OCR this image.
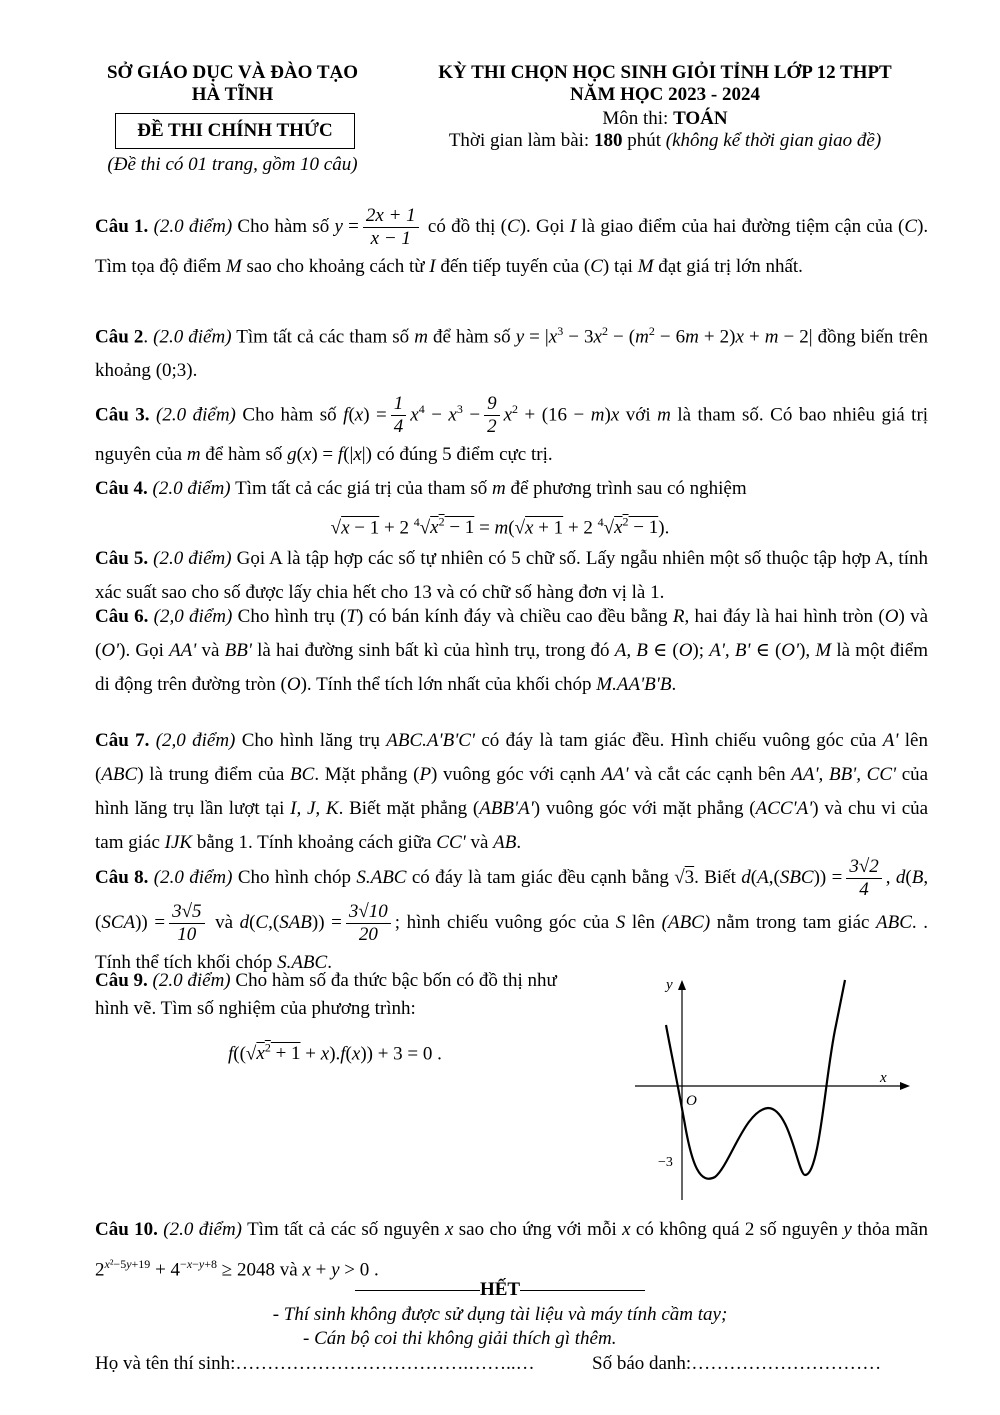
SỞ GIÁO DỤC VÀ ĐÀO TẠO
HÀ TĨNH
ĐỀ THI CHÍNH THỨC
(Đề thi có 01 trang, gồm 10 câu)
KỲ THI CHỌN HỌC SINH GIỎI TỈNH LỚP 12 THPT
NĂM HỌC 2023 - 2024
Môn thi: TOÁN
Thời gian làm bài: 180 phút (không kể thời gian giao đề)
Câu 1. (2.0 điểm) Cho hàm số $y = \frac{2x + 1}{x - 1}$ có đồ thị (C). Gọi I là giao điểm của hai đường tiệm cận của (C). Tìm tọa độ điểm M sao cho khoảng cách từ I đến tiếp tuyến của (C) tại M đạt giá trị lớn nhất.
Câu 2. (2.0 điểm) Tìm tất cả các tham số m để hàm số $y = |x^3 - 3x^2 - (m^2 - 6m + 2)x + m - 2|$ đồng biến trên khoảng (0;3).
Câu 3. (2.0 điểm) Cho hàm số $f(x) = \frac{1}{4} x^4 - x^3 - \frac{9}{2} x^2 + (16 - m)x$ với m là tham số. Có bao nhiêu giá trị nguyên của m để hàm số g(x) = f(|x|) có đúng 5 điểm cực trị.
Câu 4. (2.0 điểm) Tìm tất cả các giá trị của tham số m để phương trình sau có nghiệm
√x − 1 + 2 $^4√x^2 - 1 = m(√x + 1 + 2$ $^4√x^2 - 1$).
Câu 5. (2.0 điểm) Gọi A là tập hợp các số tự nhiên có 5 chữ số. Lấy ngẫu nhiên một số thuộc tập hợp A, tính xác suất sao cho số được lấy chia hết cho 13 và có chữ số hàng đơn vị là 1.
Câu 6. (2,0 điểm) Cho hình trụ (T) có bán kính đáy và chiều cao đều bằng R, hai đáy là hai hình tròn (O) và (O'). Gọi AA' và BB' là hai đường sinh bất kì của hình trụ, trong đó A, B ∈ (O); A', B' ∈ (O'), M là một điểm di động trên đường tròn (O). Tính thể tích lớn nhất của khối chóp M.AA'B'B.
Câu 7. (2,0 điểm) Cho hình lăng trụ ABC.A'B'C' có đáy là tam giác đều. Hình chiếu vuông góc của A' lên (ABC) là trung điểm của BC. Mặt phẳng (P) vuông góc với cạnh AA' và cắt các cạnh bên AA', BB', CC' của hình lăng trụ lần lượt tại I, J, K. Biết mặt phẳng (ABB'A') vuông góc với mặt phẳng (ACC'A') và chu vi của tam giác IJK bằng 1. Tính khoảng cách giữa CC' và AB.
Câu 8. (2.0 điểm) Cho hình chóp S.ABC có đáy là tam giác đều cạnh bằng √3. Biết $d(A,(SBC)) = \frac{3√2}{4}$ , $d(B,(SCA)) = \frac{3√5}{10}$ và $d(C,(SAB)) = \frac{3√10}{20}$ ; hình chiếu vuông góc của S lên (ABC) nằm trong tam giác ABC. . Tính thể tích khối chóp S.ABC.
Câu 9. (2.0 điểm) Cho hàm số đa thức bậc bốn có đồ thị như
hình vẽ. Tìm số nghiệm của phương trình:
$f((√x^2 + 1 + x).f(x)) + 3 = 0$ .
y
x
O
−3
Câu 10. (2.0 điểm) Tìm tất cả các số nguyên x sao cho ứng với mỗi x có không quá 2 số nguyên y thỏa mãn $2^{x^2-5y+19} + 4^{-x-y+8} \ge 2048$ và x + y > 0 .
HẾT
- Thí sinh không được sử dụng tài liệu và máy tính cầm tay;
- Cán bộ coi thi không giải thích gì thêm.
Họ và tên thí sinh:……………………………….……..…	Số báo danh:…………………………
